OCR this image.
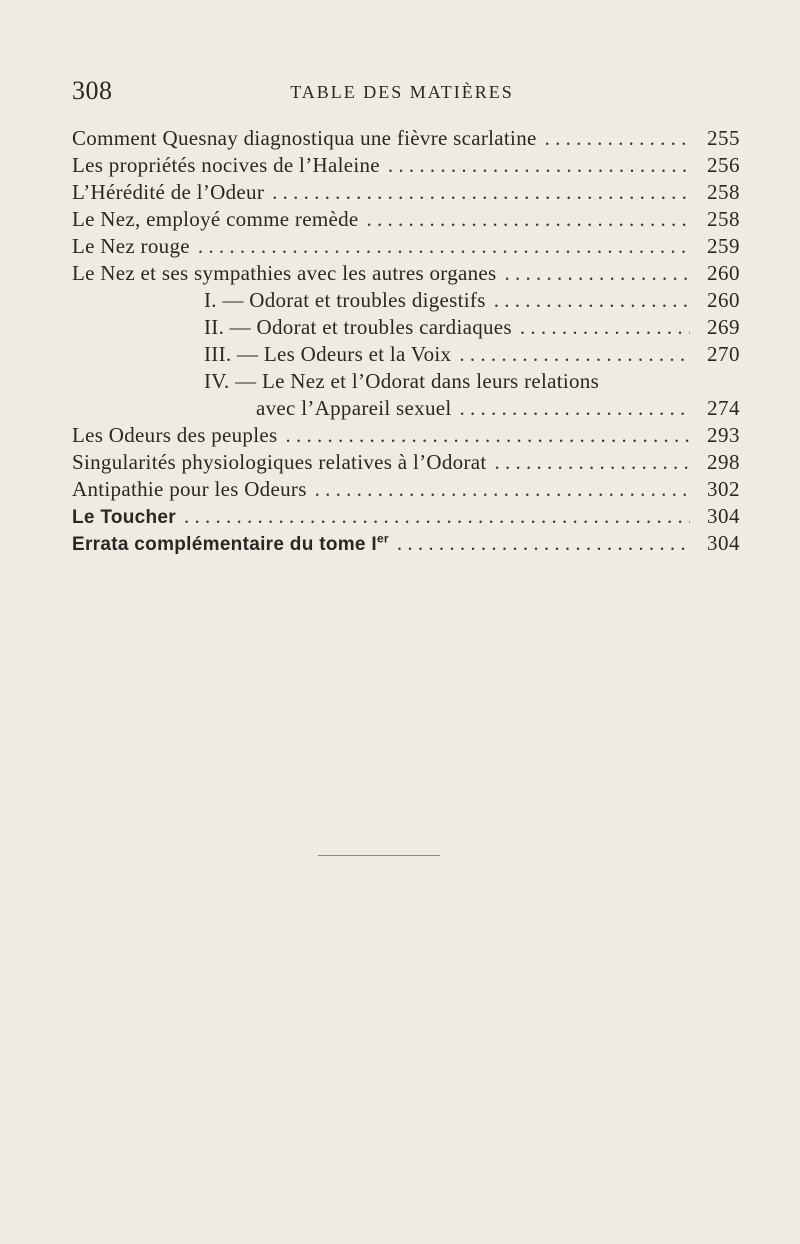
308	TABLE DES MATIÈRES
Comment Quesnay diagnostiqua une fièvre scarlatine . . .	255
Les propriétés nocives de l’Haleine . . .	256
L’Hérédité de l’Odeur . . .	258
Le Nez, employé comme remède . . .	258
Le Nez rouge . . .	259
Le Nez et ses sympathies avec les autres organes . . .	260
I. — Odorat et troubles digestifs . . .	260
II. — Odorat et troubles cardiaques . . .	269
III. — Les Odeurs et la Voix . . .	270
IV. — Le Nez et l’Odorat dans leurs relations
avec l’Appareil sexuel . . .	274
Les Odeurs des peuples . . .	293
Singularités physiologiques relatives à l’Odorat . . .	298
Antipathie pour les Odeurs . . .	302
Le Toucher . . .	304
Errata complémentaire du tome Ier . . .	304
